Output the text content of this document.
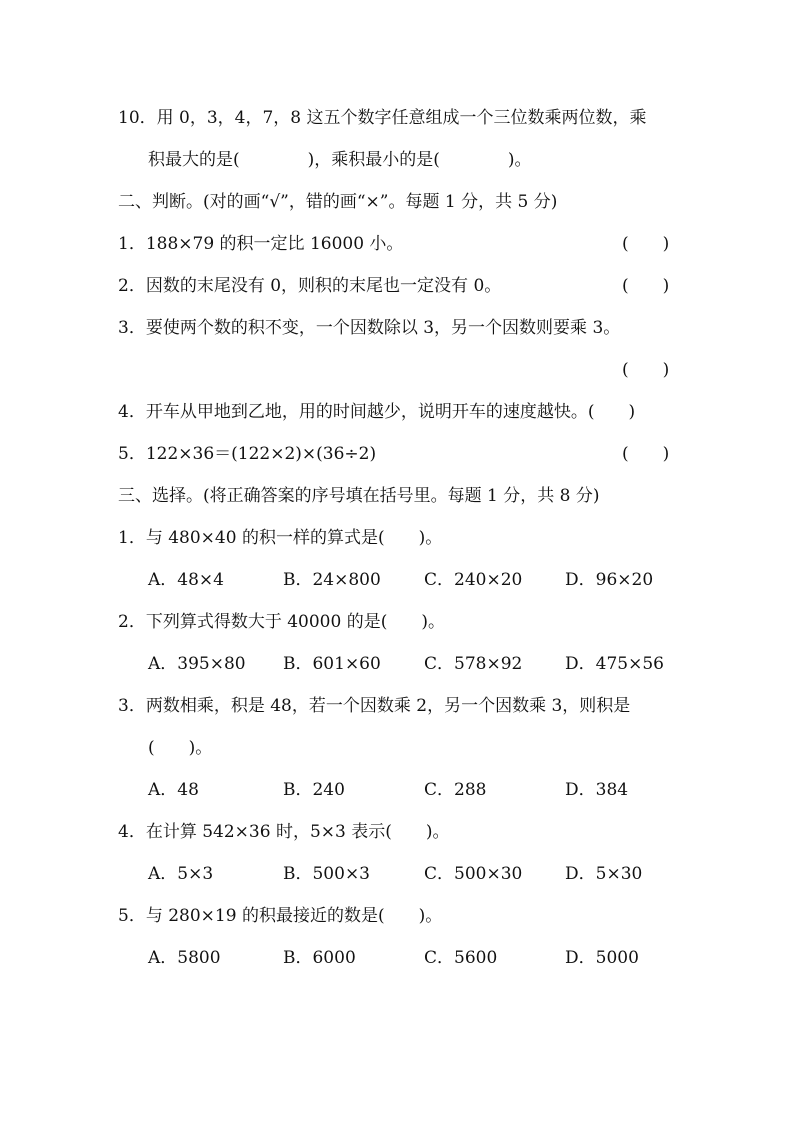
10．用 0，3，4，7，8 这五个数字任意组成一个三位数乘两位数，乘
积最大的是(　　　　)，乘积最小的是(　　　　)。
二、判断。(对的画“√”，错的画“×”。每题 1 分，共 5 分)
1．188×79 的积一定比 16000 小。	(　　)
2．因数的末尾没有 0，则积的末尾也一定没有 0。	(　　)
3．要使两个数的积不变，一个因数除以 3，另一个因数则要乘 3。
(　　)
4．开车从甲地到乙地，用的时间越少，说明开车的速度越快。(　　)
5．122×36＝(122×2)×(36÷2)	(　　)
三、选择。(将正确答案的序号填在括号里。每题 1 分，共 8 分)
1．与 480×40 的积一样的算式是(　　)。
A．48×4	B．24×800	C．240×20	D．96×20
2．下列算式得数大于 40000 的是(　　)。
A．395×80 B．601×60	C．578×92	D．475×56
3．两数相乘，积是 48，若一个因数乘 2，另一个因数乘 3，则积是
(　　)。
A．48	B．240	C．288	D．384
4．在计算 542×36 时，5×3 表示(　　)。
A．5×3	B．500×3	C．500×30	D．5×30
5．与 280×19 的积最接近的数是(　　)。
A．5800	B．6000	C．5600	D．5000
